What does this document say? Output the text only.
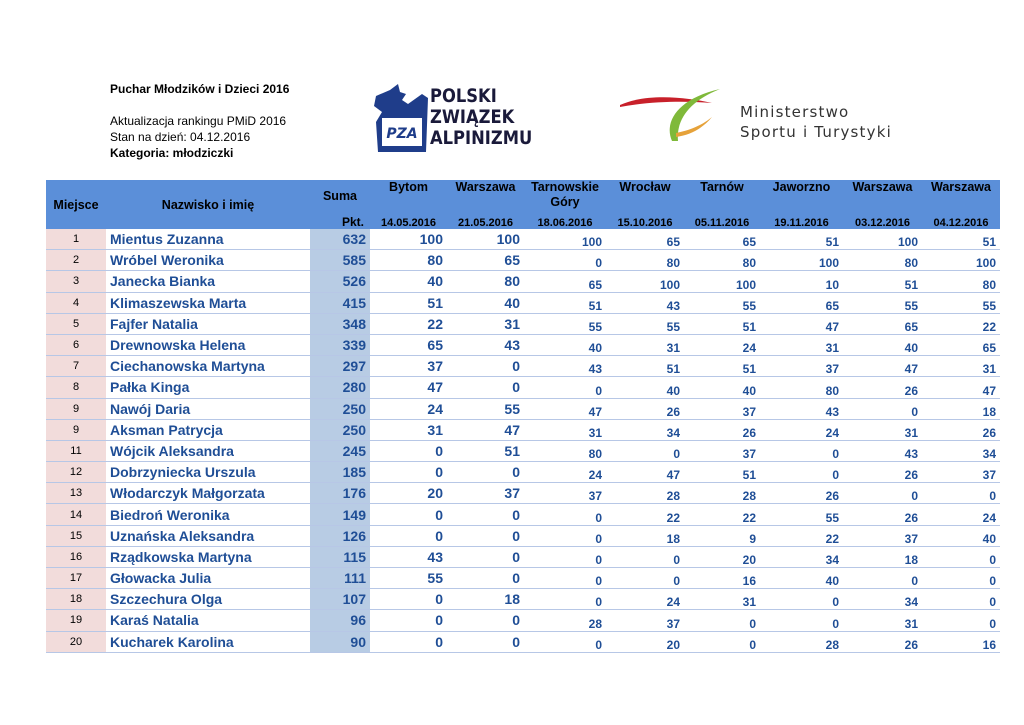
Puchar Młodzików i Dzieci 2016
Aktualizacja rankingu PMiD 2016
Stan na dzień: 04.12.2016
Kategoria: młodziczki
PZA
POLSKI
ZWIĄZEK
ALPINIZMU
Ministerstwo
Sportu i Turystyki
Miejsce	Nazwisko i imię	Suma	Bytom	Warszawa	Tarnowskie Góry	Wrocław	Tarnów	Jaworzno	Warszawa	Warszawa

		Pkt.	14.05.2016	21.05.2016	18.06.2016	15.10.2016	05.11.2016	19.11.2016	03.12.2016	04.12.2016
1	Mientus Zuzanna	632	100	100	100	65	65	51	100	51
2	Wróbel Weronika	585	80	65	0	80	80	100	80	100
3	Janecka Bianka	526	40	80	65	100	100	10	51	80
4	Klimaszewska Marta	415	51	40	51	43	55	65	55	55
5	Fajfer Natalia	348	22	31	55	55	51	47	65	22
6	Drewnowska Helena	339	65	43	40	31	24	31	40	65
7	Ciechanowska Martyna	297	37	0	43	51	51	37	47	31
8	Pałka Kinga	280	47	0	0	40	40	80	26	47
9	Nawój Daria	250	24	55	47	26	37	43	0	18
9	Aksman Patrycja	250	31	47	31	34	26	24	31	26
11	Wójcik Aleksandra	245	0	51	80	0	37	0	43	34
12	Dobrzyniecka Urszula	185	0	0	24	47	51	0	26	37
13	Włodarczyk Małgorzata	176	20	37	37	28	28	26	0	0
14	Biedroń Weronika	149	0	0	0	22	22	55	26	24
15	Uznańska Aleksandra	126	0	0	0	18	9	22	37	40
16	Rządkowska Martyna	115	43	0	0	0	20	34	18	0
17	Głowacka Julia	111	55	0	0	0	16	40	0	0
18	Szczechura Olga	107	0	18	0	24	31	0	34	0
19	Karaś Natalia	96	0	0	28	37	0	0	31	0
20	Kucharek Karolina	90	0	0	0	20	0	28	26	16
